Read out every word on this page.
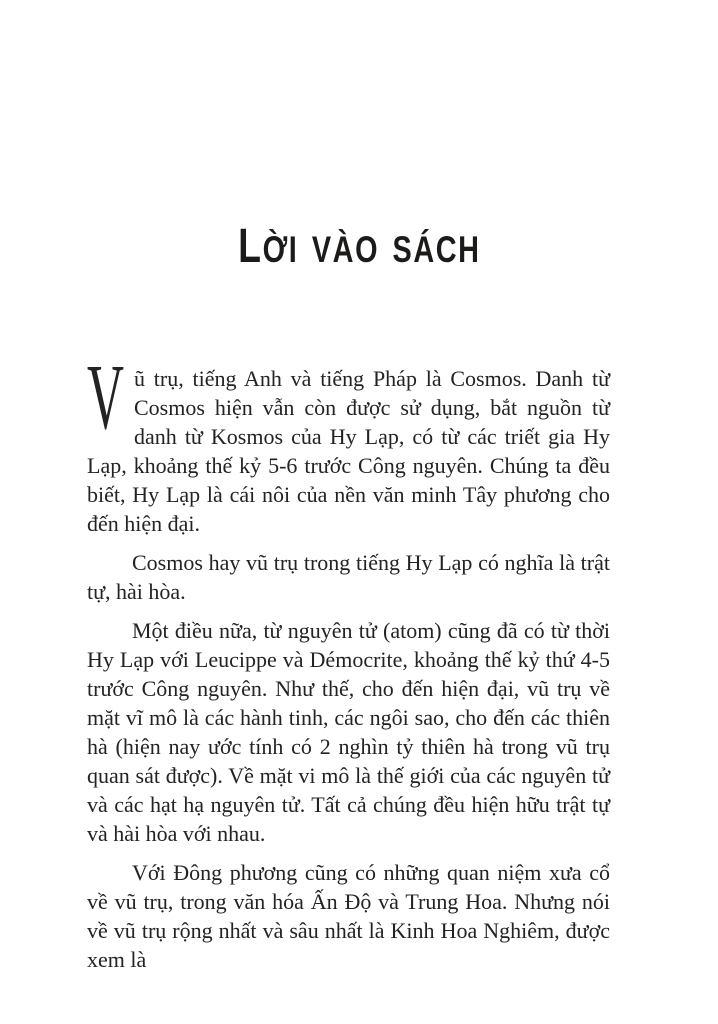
LỜI VÀO SÁCH

Vũ trụ, tiếng Anh và tiếng Pháp là Cosmos. Danh từ Cosmos hiện vẫn còn được sử dụng, bắt nguồn từ danh từ Kosmos của Hy Lạp, có từ các triết gia Hy Lạp, khoảng thế kỷ 5-6 trước Công nguyên. Chúng ta đều biết, Hy Lạp là cái nôi của nền văn minh Tây phương cho đến hiện đại.

Cosmos hay vũ trụ trong tiếng Hy Lạp có nghĩa là trật tự, hài hòa.

Một điều nữa, từ nguyên tử (atom) cũng đã có từ thời Hy Lạp với Leucippe và Démocrite, khoảng thế kỷ thứ 4-5 trước Công nguyên. Như thế, cho đến hiện đại, vũ trụ về mặt vĩ mô là các hành tinh, các ngôi sao, cho đến các thiên hà (hiện nay ước tính có 2 nghìn tỷ thiên hà trong vũ trụ quan sát được). Về mặt vi mô là thế giới của các nguyên tử và các hạt hạ nguyên tử. Tất cả chúng đều hiện hữu trật tự và hài hòa với nhau.

Với Đông phương cũng có những quan niệm xưa cổ về vũ trụ, trong văn hóa Ấn Độ và Trung Hoa. Nhưng nói về vũ trụ rộng nhất và sâu nhất là Kinh Hoa Nghiêm, được xem là
